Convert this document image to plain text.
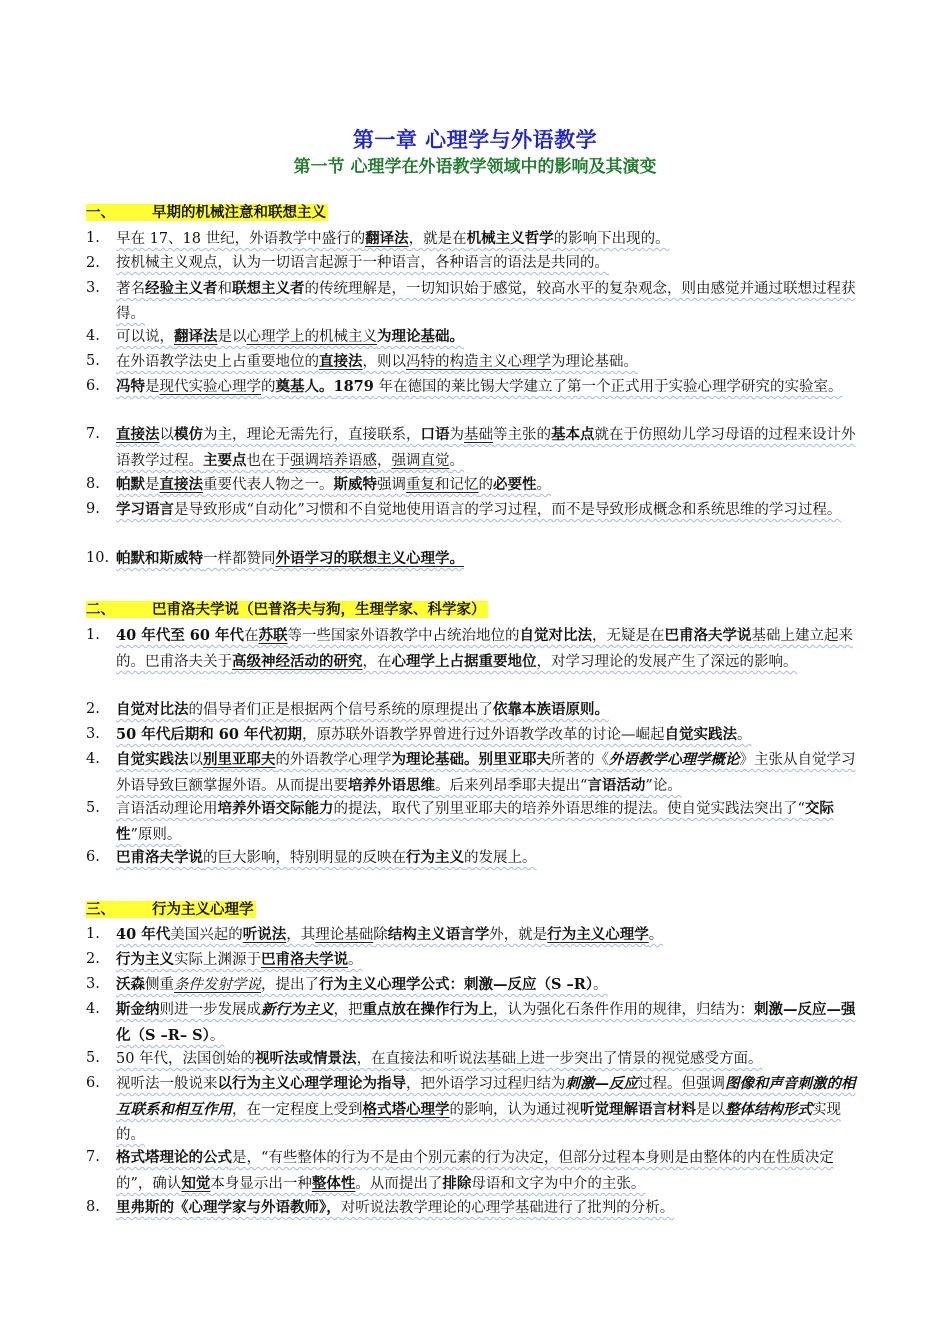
第一章 心理学与外语教学
第一节 心理学在外语教学领域中的影响及其演变
一、	早期的机械注意和联想主义
1.	早在 17、18 世纪，外语教学中盛行的翻译法，就是在机械主义哲学的影响下出现的。
2.	按机械主义观点，认为一切语言起源于一种语言，各种语言的语法是共同的。
3.	著名经验主义者和联想主义者的传统理解是，一切知识始于感觉，较高水平的复杂观念，则由感觉并通过联想过程获得。
4.	可以说，翻译法是以心理学上的机械主义为理论基础。
5.	在外语教学法史上占重要地位的直接法，则以冯特的构造主义心理学为理论基础。
6.	冯特是现代实验心理学的奠基人。1879 年在德国的莱比锡大学建立了第一个正式用于实验心理学研究的实验室。
7.	直接法以模仿为主，理论无需先行，直接联系，口语为基础等主张的基本点就在于仿照幼儿学习母语的过程来设计外语教学过程。主要点也在于强调培养语感，强调直觉。
8.	帕默是直接法重要代表人物之一。斯威特强调重复和记忆的必要性。
9.	学习语言是导致形成“自动化”习惯和不自觉地使用语言的学习过程，而不是导致形成概念和系统思维的学习过程。
10. 帕默和斯威特一样都赞同外语学习的联想主义心理学。
二、	巴甫洛夫学说（巴普洛夫与狗，生理学家、科学家）
1.	40 年代至 60 年代在苏联等一些国家外语教学中占统治地位的自觉对比法，无疑是在巴甫洛夫学说基础上建立起来的。巴甫洛夫关于高级神经活动的研究，在心理学上占据重要地位，对学习理论的发展产生了深远的影响。
2.	自觉对比法的倡导者们正是根据两个信号系统的原理提出了依靠本族语原则。
3.	50 年代后期和 60 年代初期，原苏联外语教学界曾进行过外语教学改革的讨论—崛起自觉实践法。
4.	自觉实践法以别里亚耶夫的外语教学心理学为理论基础。别里亚耶夫所著的《外语教学心理学概论》主张从自觉学习外语导致巨额掌握外语。从而提出要培养外语思维。后来列昂季耶夫提出“言语活动”论。
5.	言语活动理论用培养外语交际能力的提法，取代了别里亚耶夫的培养外语思维的提法。使自觉实践法突出了“交际性”原则。
6.	巴甫洛夫学说的巨大影响，特别明显的反映在行为主义的发展上。
三、	行为主义心理学
1.	40 年代美国兴起的听说法，其理论基础除结构主义语言学外，就是行为主义心理学。
2.	行为主义实际上渊源于巴甫洛夫学说。
3.	沃森侧重条件发射学说，提出了行为主义心理学公式：刺激—反应（S –R）。
4.	斯金纳则进一步发展成新行为主义，把重点放在操作行为上，认为强化石条件作用的规律，归结为：刺激—反应—强化（S –R– S）。
5.	50 年代，法国创始的视听法或情景法，在直接法和听说法基础上进一步突出了情景的视觉感受方面。
6.	视听法一般说来以行为主义心理学理论为指导，把外语学习过程归结为刺激—反应过程。但强调图像和声音刺激的相互联系和相互作用，在一定程度上受到格式塔心理学的影响，认为通过视听觉理解语言材料是以整体结构形式实现的。
7.	格式塔理论的公式是，“有些整体的行为不是由个别元素的行为决定，但部分过程本身则是由整体的内在性质决定的”，确认知觉本身显示出一种整体性。从而提出了排除母语和文字为中介的主张。
8.	里弗斯的《心理学家与外语教师》，对听说法教学理论的心理学基础进行了批判的分析。
